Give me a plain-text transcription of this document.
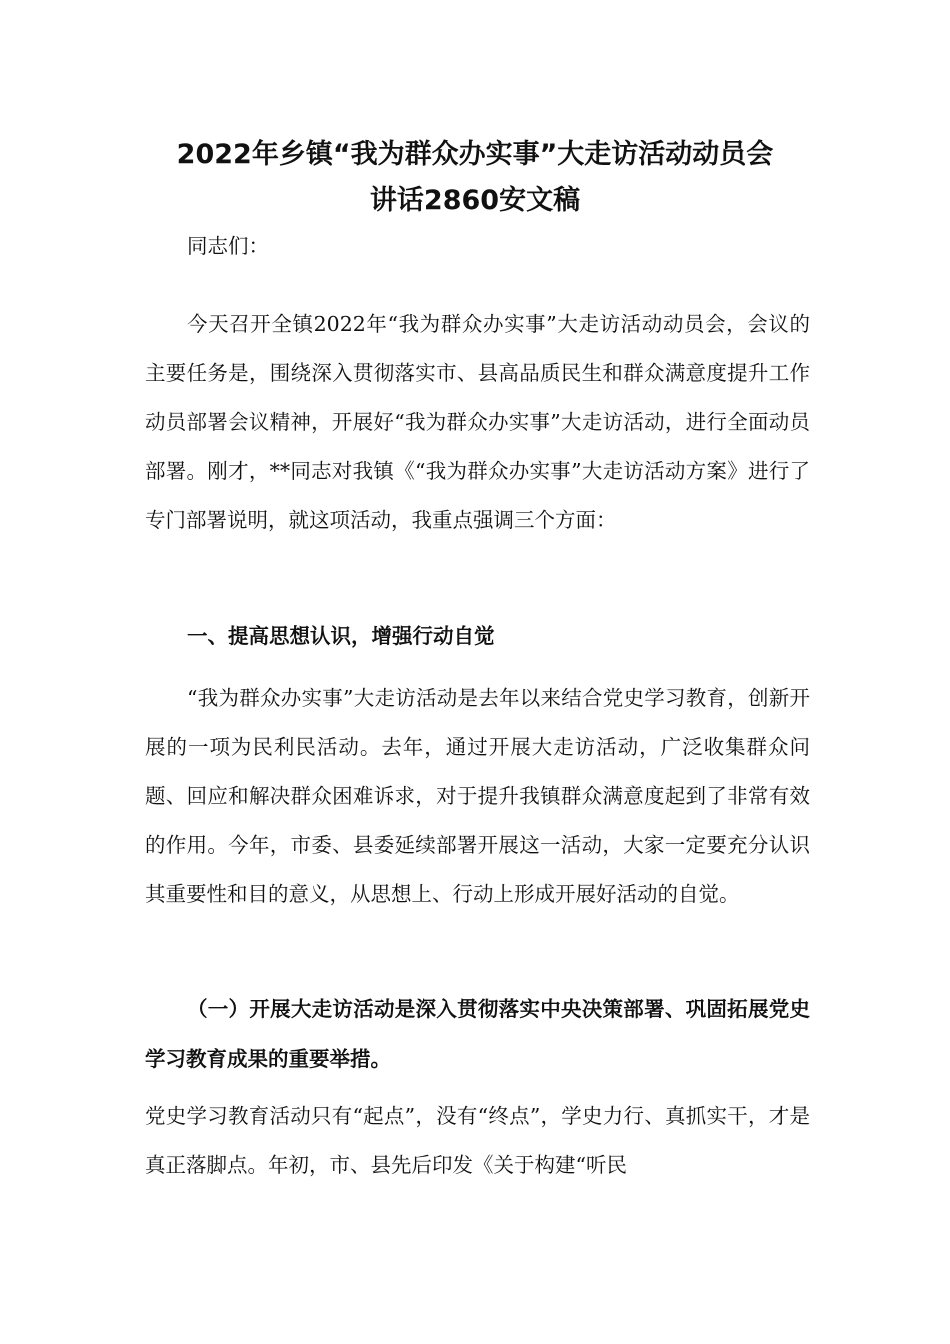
2022年乡镇“我为群众办实事”大走访活动动员会
讲话2860安文稿

同志们：

今天召开全镇2022年“我为群众办实事”大走访活动动员会，会议的主要任务是，围绕深入贯彻落实市、县高品质民生和群众满意度提升工作动员部署会议精神，开展好“我为群众办实事”大走访活动，进行全面动员部署。刚才，**同志对我镇《“我为群众办实事”大走访活动方案》进行了专门部署说明，就这项活动，我重点强调三个方面：

一、提高思想认识，增强行动自觉

“我为群众办实事”大走访活动是去年以来结合党史学习教育，创新开展的一项为民利民活动。去年，通过开展大走访活动，广泛收集群众问题、回应和解决群众困难诉求，对于提升我镇群众满意度起到了非常有效的作用。今年，市委、县委延续部署开展这一活动，大家一定要充分认识其重要性和目的意义，从思想上、行动上形成开展好活动的自觉。

（一）开展大走访活动是深入贯彻落实中央决策部署、巩固拓展党史学习教育成果的重要举措。

党史学习教育活动只有“起点”，没有“终点”，学史力行、真抓实干，才是真正落脚点。年初，市、县先后印发《关于构建“听民
